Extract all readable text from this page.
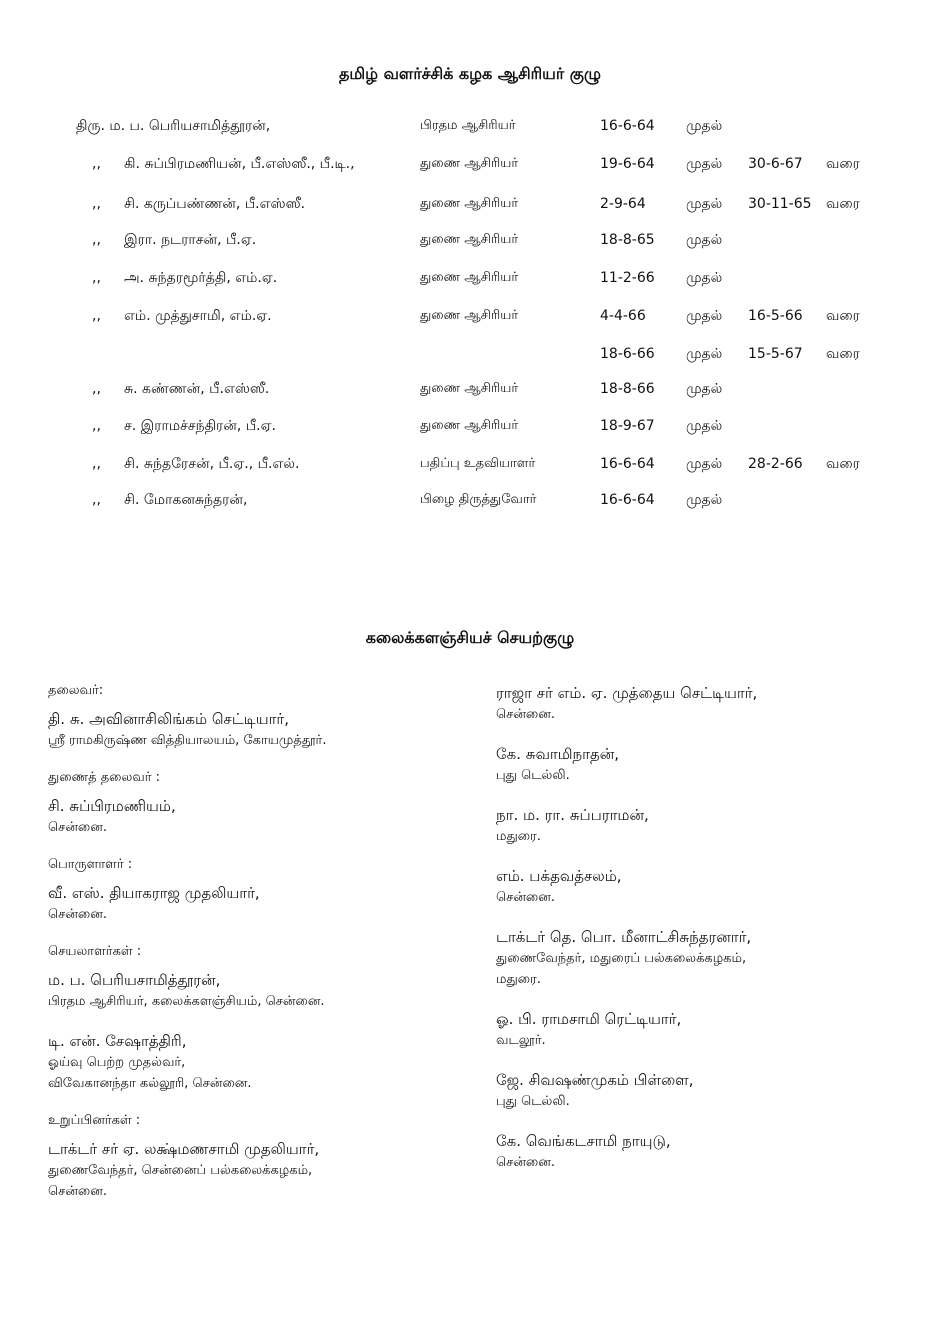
தமிழ் வளர்ச்சிக் கழக ஆசிரியர் குழு
திரு. ம. ப. பெரியசாமித்தூரன்,	பிரதம ஆசிரியர்	16-6-64 முதல்
,, கி. சுப்பிரமணியன், பீ.எஸ்ஸீ., பீ.டி.,	துணை ஆசிரியர்	19-6-64 முதல் 30-6-67 வரை
,, சி. கருப்பண்ணன், பீ.எஸ்ஸீ.	துணை ஆசிரியர்	2-9-64	முதல் 30-11-65 வரை
,, இரா. நடராசன், பீ.ஏ.	துணை ஆசிரியர்	18-8-65 முதல்
,, அ. சுந்தரமூர்த்தி, எம்.ஏ.	துணை ஆசிரியர்	11-2-66 முதல்
,, எம். முத்துசாமி, எம்.ஏ.	துணை ஆசிரியர்	4-4-66	முதல் 16-5-66 வரை
18-6-66 முதல் 15-5-67 வரை
,, சு. கண்ணன், பீ.எஸ்ஸீ.	துணை ஆசிரியர்	18-8-66 முதல்
,, ச. இராமச்சந்திரன், பீ.ஏ.	துணை ஆசிரியர்	18-9-67 முதல்
,, சி. சுந்தரேசன், பீ.ஏ., பீ.எல்.	பதிப்பு உதவியாளர்	16-6-64 முதல் 28-2-66 வரை
,, சி. மோகனசுந்தரன்,	பிழை திருத்துவோர்	16-6-64 முதல்
கலைக்களஞ்சியச் செயற்குழு
தலைவர்:
தி. சு. அவினாசிலிங்கம் செட்டியார்,
ஸ்ரீ ராமகிருஷ்ண வித்தியாலயம், கோயமுத்தூர்.
துணைத் தலைவர் :
சி. சுப்பிரமணியம்,
சென்னை.
பொருளாளர் :
வீ. எஸ். தியாகராஜ முதலியார்,
சென்னை.
செயலாளர்கள் :
ம. ப. பெரியசாமித்தூரன்,
பிரதம ஆசிரியர், கலைக்களஞ்சியம், சென்னை.
டி. என். சேஷாத்திரி,
ஓய்வு பெற்ற முதல்வர்,
விவேகானந்தா கல்லூரி, சென்னை.
உறுப்பினர்கள் :
டாக்டர் சர் ஏ. லக்ஷ்மணசாமி முதலியார்,
துணைவேந்தர், சென்னைப் பல்கலைக்கழகம்,
சென்னை.
ராஜா சர் எம். ஏ. முத்தைய செட்டியார்,
சென்னை.
கே. சுவாமிநாதன்,
புது டெல்லி.
நா. ம. ரா. சுப்பராமன்,
மதுரை.
எம். பக்தவத்சலம்,
சென்னை.
டாக்டர் தெ. பொ. மீனாட்சிசுந்தரனார்,
துணைவேந்தர், மதுரைப் பல்கலைக்கழகம்,
மதுரை.
ஓ. பி. ராமசாமி ரெட்டியார்,
வடலூர்.
ஜே. சிவஷண்முகம் பிள்ளை,
புது டெல்லி.
கே. வெங்கடசாமி நாயுடு,
சென்னை.
